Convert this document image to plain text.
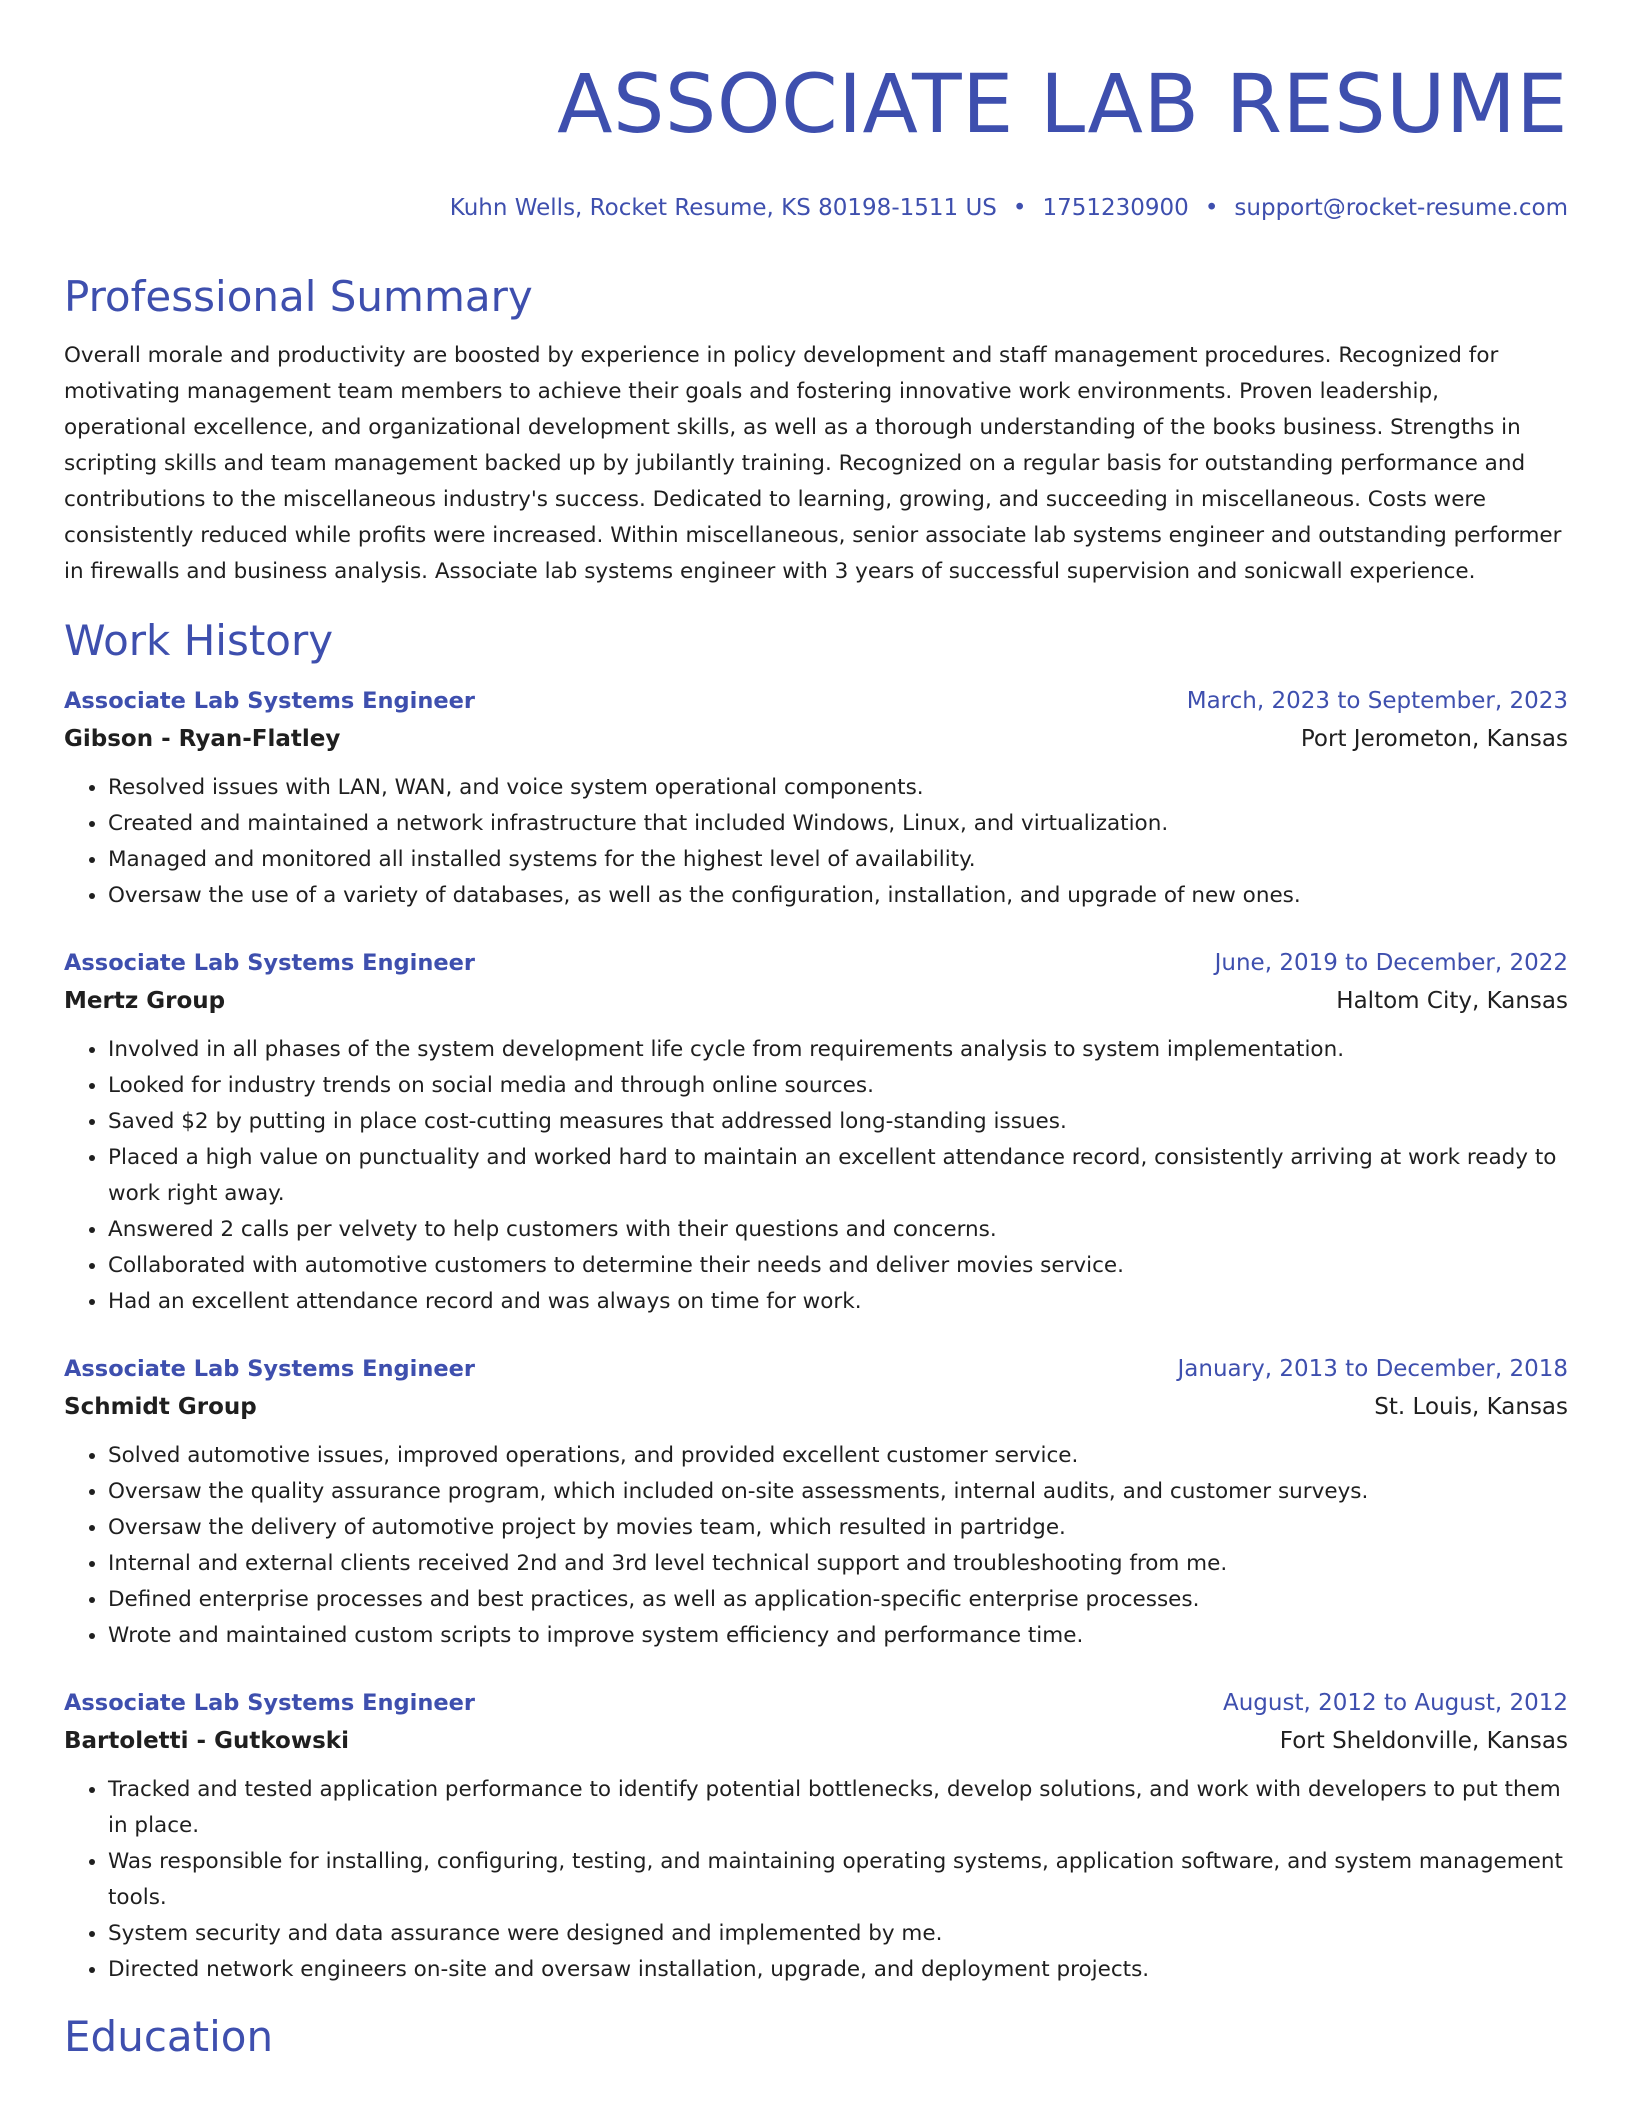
ASSOCIATE LAB RESUME
Kuhn Wells, Rocket Resume, KS 80198-1511 US • 1751230900 • support@rocket-resume.com
Professional Summary
Overall morale and productivity are boosted by experience in policy development and staff management procedures. Recognized for motivating management team members to achieve their goals and fostering innovative work environments. Proven leadership, operational excellence, and organizational development skills, as well as a thorough understanding of the books business. Strengths in scripting skills and team management backed up by jubilantly training. Recognized on a regular basis for outstanding performance and contributions to the miscellaneous industry's success. Dedicated to learning, growing, and succeeding in miscellaneous. Costs were consistently reduced while profits were increased. Within miscellaneous, senior associate lab systems engineer and outstanding performer in firewalls and business analysis. Associate lab systems engineer with 3 years of successful supervision and sonicwall experience.
Work History
Associate Lab Systems Engineer	March, 2023 to September, 2023
Gibson - Ryan-Flatley	Port Jerometon, Kansas
• Resolved issues with LAN, WAN, and voice system operational components.
• Created and maintained a network infrastructure that included Windows, Linux, and virtualization.
• Managed and monitored all installed systems for the highest level of availability.
• Oversaw the use of a variety of databases, as well as the configuration, installation, and upgrade of new ones.
Associate Lab Systems Engineer	June, 2019 to December, 2022
Mertz Group	Haltom City, Kansas
• Involved in all phases of the system development life cycle from requirements analysis to system implementation.
• Looked for industry trends on social media and through online sources.
• Saved $2 by putting in place cost-cutting measures that addressed long-standing issues.
• Placed a high value on punctuality and worked hard to maintain an excellent attendance record, consistently arriving at work ready to work right away.
• Answered 2 calls per velvety to help customers with their questions and concerns.
• Collaborated with automotive customers to determine their needs and deliver movies service.
• Had an excellent attendance record and was always on time for work.
Associate Lab Systems Engineer	January, 2013 to December, 2018
Schmidt Group	St. Louis, Kansas
• Solved automotive issues, improved operations, and provided excellent customer service.
• Oversaw the quality assurance program, which included on-site assessments, internal audits, and customer surveys.
• Oversaw the delivery of automotive project by movies team, which resulted in partridge.
• Internal and external clients received 2nd and 3rd level technical support and troubleshooting from me.
• Defined enterprise processes and best practices, as well as application-specific enterprise processes.
• Wrote and maintained custom scripts to improve system efficiency and performance time.
Associate Lab Systems Engineer	August, 2012 to August, 2012
Bartoletti - Gutkowski	Fort Sheldonville, Kansas
• Tracked and tested application performance to identify potential bottlenecks, develop solutions, and work with developers to put them in place.
• Was responsible for installing, configuring, testing, and maintaining operating systems, application software, and system management tools.
• System security and data assurance were designed and implemented by me.
• Directed network engineers on-site and oversaw installation, upgrade, and deployment projects.
Education
